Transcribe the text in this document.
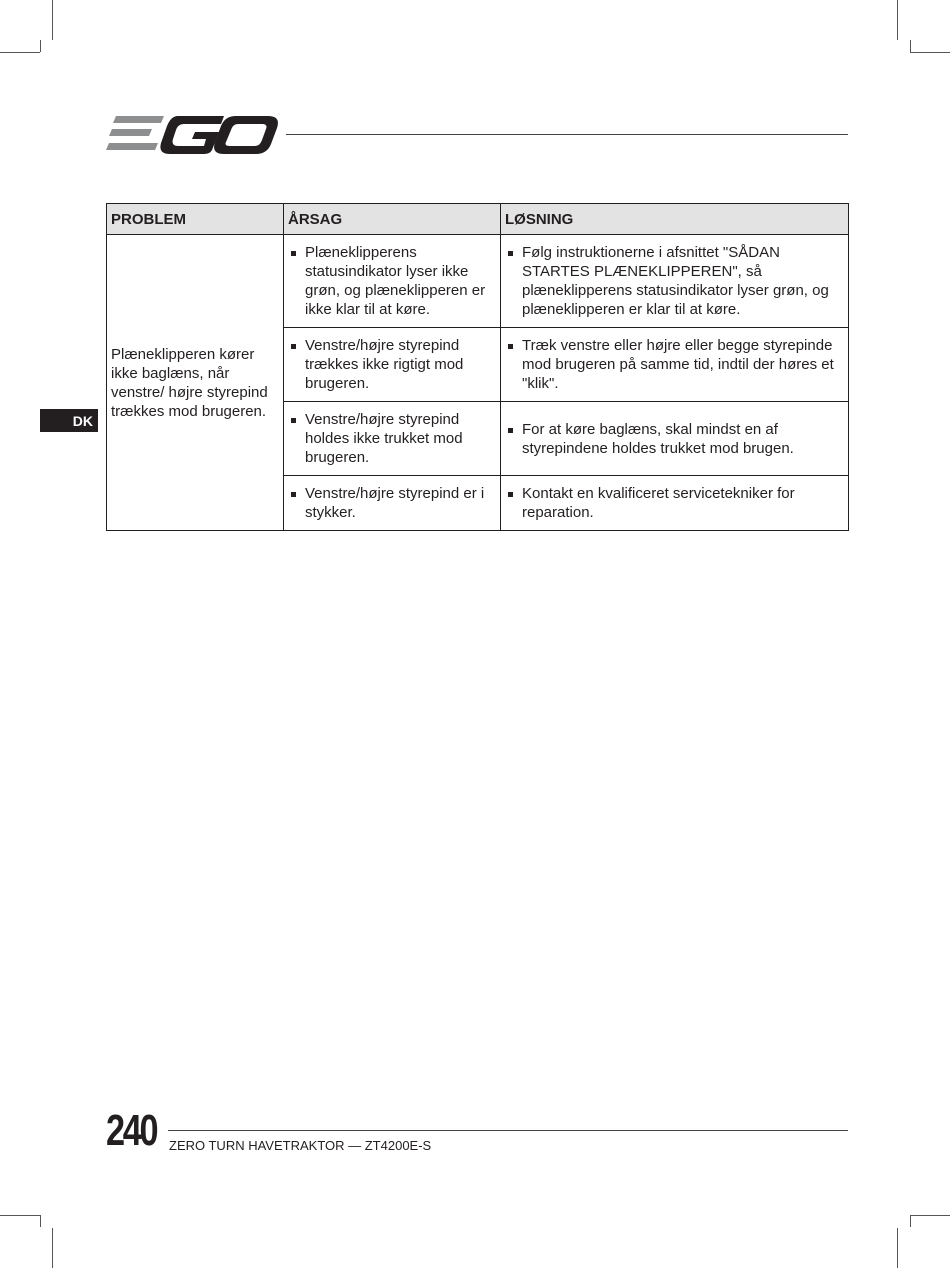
DK
PROBLEM	ÅRSAG	LØSNING
Plæneklipperen kører ikke baglæns, når venstre/ højre styrepind trækkes mod brugeren.	Plæneklipperens statusindikator lyser ikke grøn, og plæneklipperen er ikke klar til at køre.	Følg instruktionerne i afsnittet "SÅDAN STARTES PLÆNEKLIPPEREN", så plæneklipperens statusindikator lyser grøn, og plæneklipperen er klar til at køre.

	Venstre/højre styrepind trækkes ikke rigtigt mod brugeren.	Træk venstre eller højre eller begge styrepinde mod brugeren på samme tid, indtil der høres et "klik".

	Venstre/højre styrepind holdes ikke trukket mod brugeren.	For at køre baglæns, skal mindst en af styrepindene holdes trukket mod brugen.

	Venstre/højre styrepind er i stykker.	Kontakt en kvalificeret servicetekniker for reparation.
240 ZERO TURN HAVETRAKTOR — ZT4200E-S
